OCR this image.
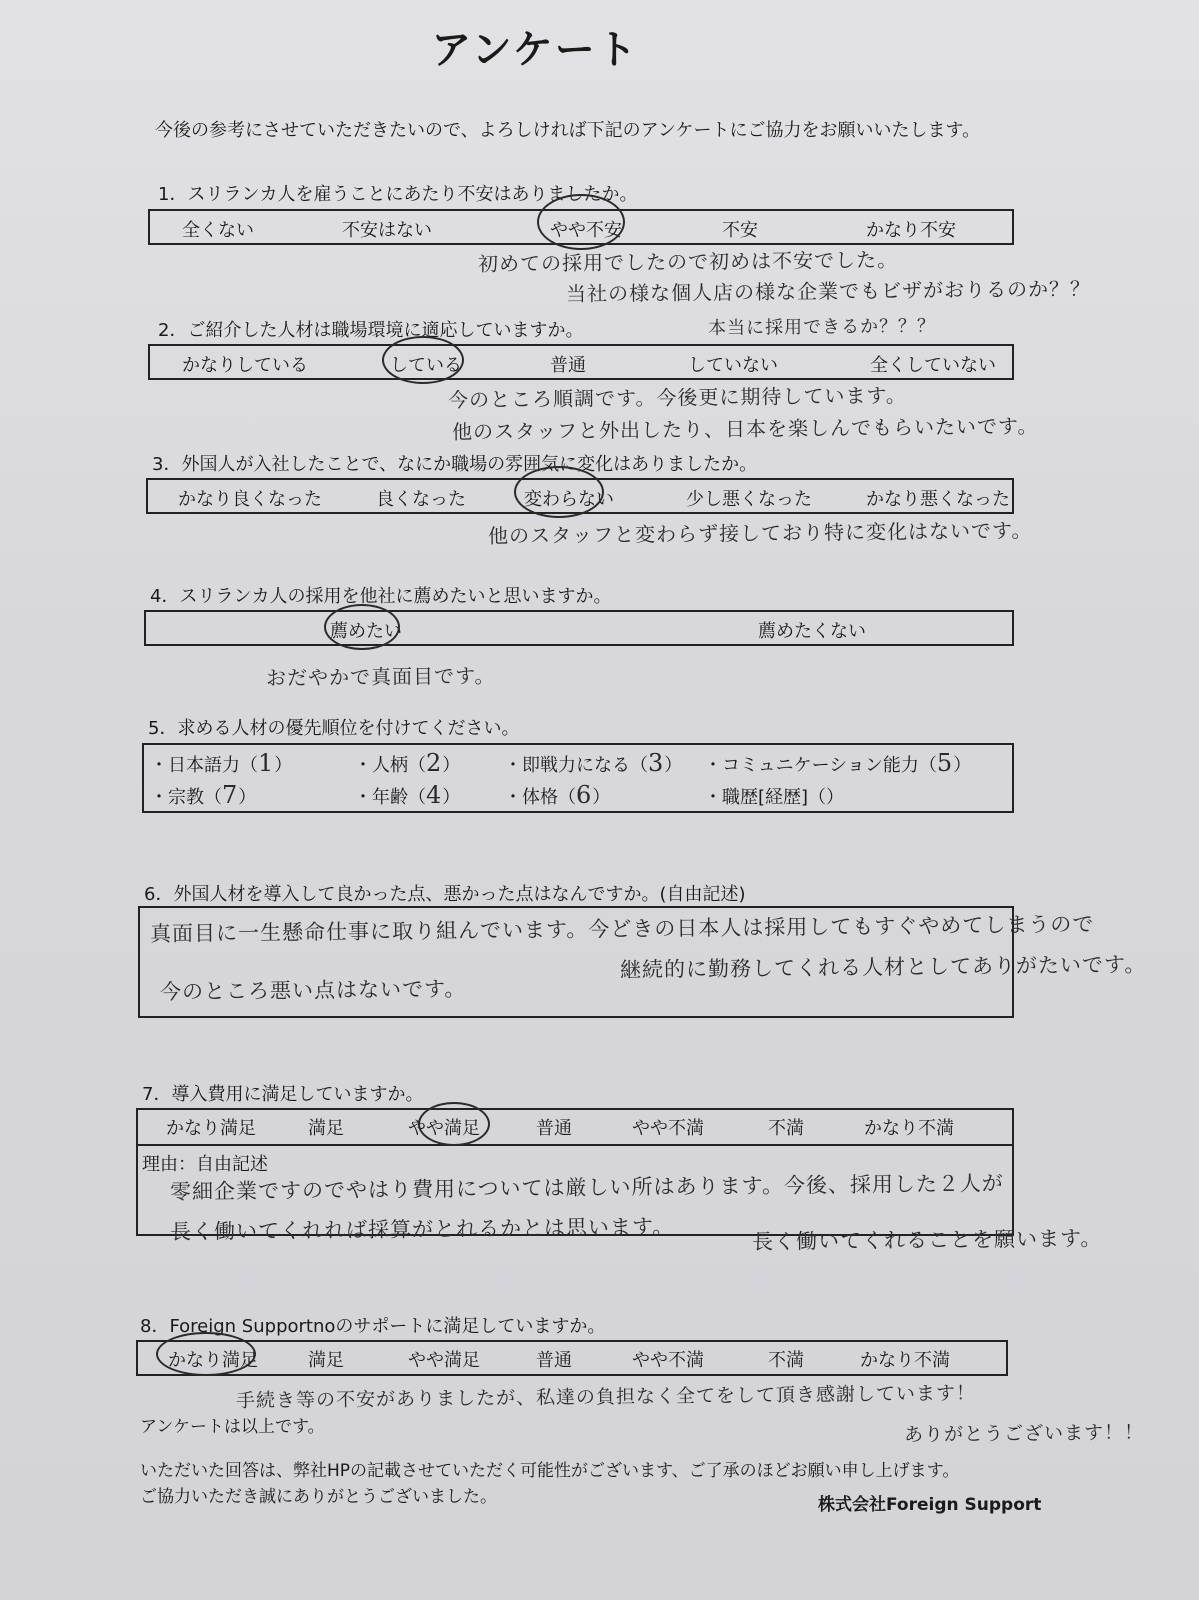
アンケート
今後の参考にさせていただきたいので、よろしければ下記のアンケートにご協力をお願いいたします。
1．スリランカ人を雇うことにあたり不安はありましたか。
全くない	不安はない	やや不安	不安	かなり不安
初めての採用でしたので初めは不安でした。
当社の様な個人店の様な企業でもビザがおりるのか？？
2．ご紹介した人材は職場環境に適応していますか。	本当に採用できるか？？？
かなりしている	している	普通	していない	全くしていない
今のところ順調です。今後更に期待しています。
他のスタッフと外出したり、日本を楽しんでもらいたいです。
3．外国人が入社したことで、なにか職場の雰囲気に変化はありましたか。
かなり良くなった	良くなった	変わらない	少し悪くなった	かなり悪くなった
他のスタッフと変わらず接しており特に変化はないです。
4．スリランカ人の採用を他社に薦めたいと思いますか。
薦めたい	薦めたくない
おだやかで真面目です。
5．求める人材の優先順位を付けてください。
・日本語力（1）	・人柄（2） ・即戦力になる（3） ・コミュニケーション能力（5）
・宗教（7）	・年齢（4） ・体格（6）	・職歴[経歴]（）
6．外国人材を導入して良かった点、悪かった点はなんですか。(自由記述)
真面目に一生懸命仕事に取り組んでいます。今どきの日本人は採用してもすぐやめてしまうので
継続的に勤務してくれる人材としてありがたいです。
今のところ悪い点はないです。
7．導入費用に満足していますか。
かなり満足	満足	やや満足	普通	やや不満	不満	かなり不満
理由：自由記述
零細企業ですのでやはり費用については厳しい所はあります。今後、採用した２人が
長く働いてくれれば採算がとれるかとは思います。	長く働いてくれることを願います。
8．Foreign Supportnoのサポートに満足していますか。
かなり満足	満足	やや満足	普通	やや不満	不満	かなり不満
手続き等の不安がありましたが、私達の負担なく全てをして頂き感謝しています！
ありがとうございます！！
アンケートは以上です。
いただいた回答は、弊社HPの記載させていただく可能性がございます、ご了承のほどお願い申し上げます。
ご協力いただき誠にありがとうございました。	株式会社Foreign Support
